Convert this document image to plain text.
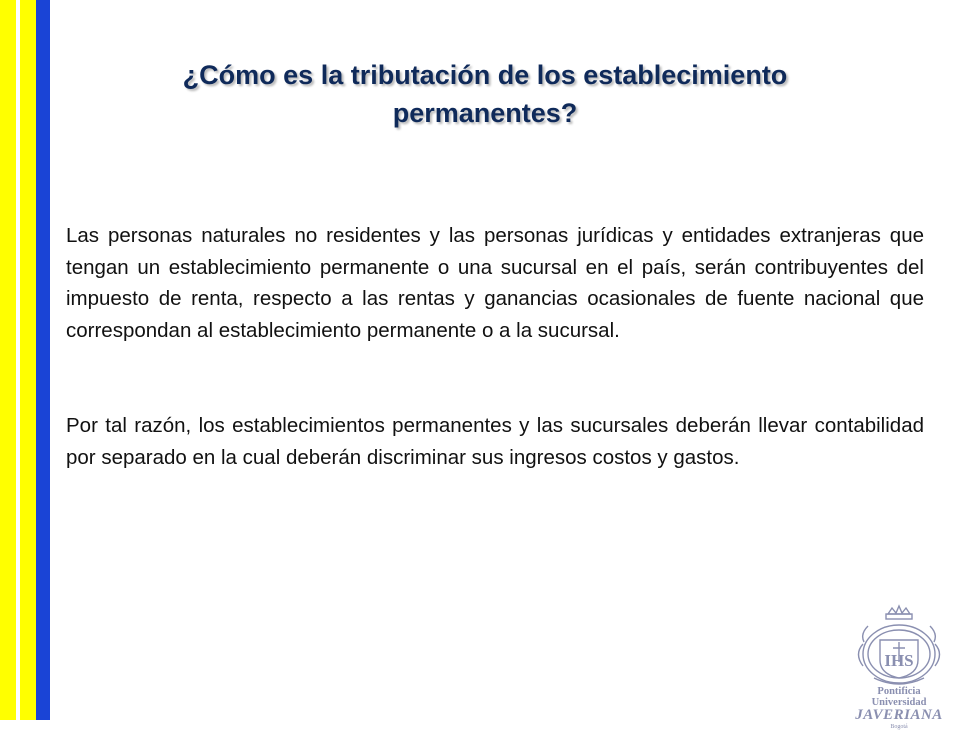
¿Cómo es la tributación de los establecimiento permanentes?

Las personas naturales no residentes y las personas jurídicas y entidades extranjeras que tengan un establecimiento permanente o una sucursal en el país, serán contribuyentes del impuesto de renta, respecto a las rentas y ganancias ocasionales de fuente nacional que correspondan al establecimiento permanente o a la sucursal.

Por tal razón, los establecimientos permanentes y las sucursales deberán llevar contabilidad por separado en la cual deberán discriminar sus ingresos costos y gastos.

IHS
Pontificia Universidad
JAVERIANA
Bogotá
